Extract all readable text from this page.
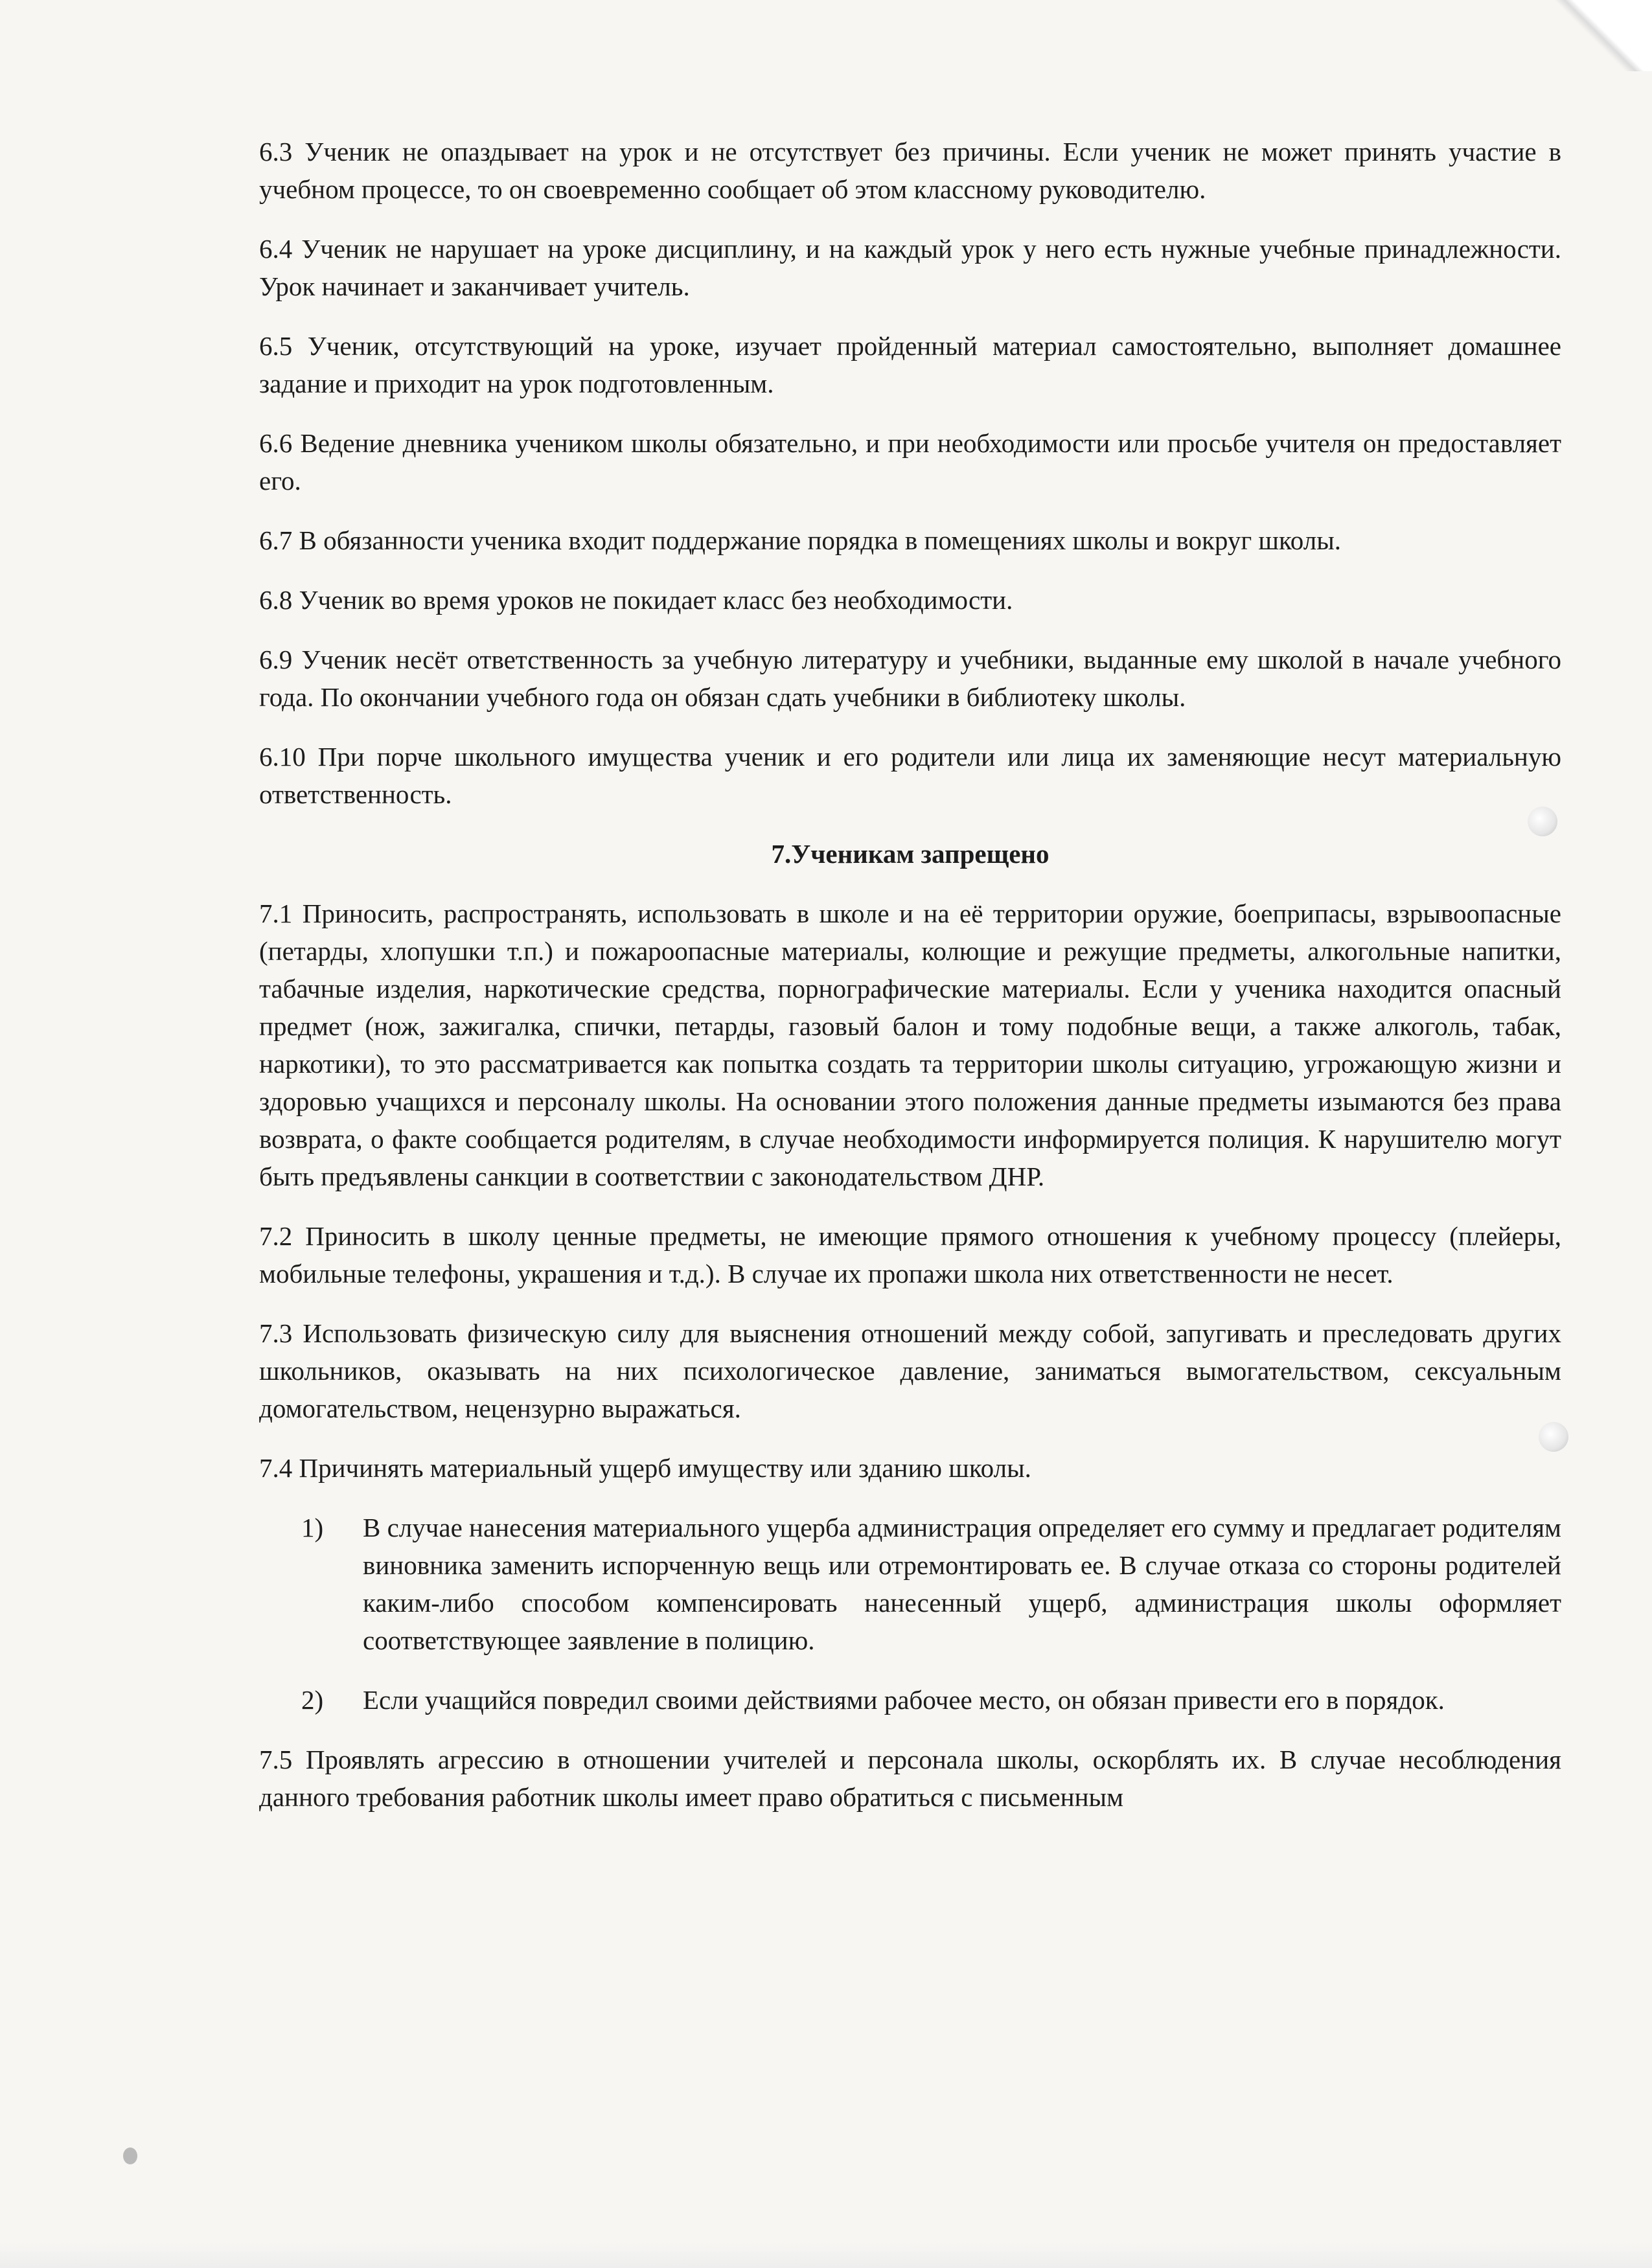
6.3 Ученик не опаздывает на урок и не отсутствует без причины. Если ученик не может принять участие в учебном процессе, то он своевременно сообщает об этом классному руководителю.

6.4 Ученик не нарушает на уроке дисциплину, и на каждый урок у него есть нужные учебные принадлежности. Урок начинает и заканчивает учитель.

6.5 Ученик, отсутствующий на уроке, изучает пройденный материал самостоятельно, выполняет домашнее задание и приходит на урок подготовленным.

6.6 Ведение дневника учеником школы обязательно, и при необходимости или просьбе учителя он предоставляет его.

6.7 В обязанности ученика входит поддержание порядка в помещениях школы и вокруг школы.

6.8 Ученик во время уроков не покидает класс без необходимости.

6.9 Ученик несёт ответственность за учебную литературу и учебники, выданные ему школой в начале учебного года. По окончании учебного года он обязан сдать учебники в библиотеку школы.

6.10 При порче школьного имущества ученик и его родители или лица их заменяющие несут материальную ответственность.

7.Ученикам запрещено

7.1 Приносить, распространять, использовать в школе и на её территории оружие, боеприпасы, взрывоопасные (петарды, хлопушки т.п.) и пожароопасные материалы, колющие и режущие предметы, алкогольные напитки, табачные изделия, наркотические средства, порнографические материалы. Если у ученика находится опасный предмет (нож, зажигалка, спички, петарды, газовый балон и тому подобные вещи, а также алкоголь, табак, наркотики), то это рассматривается как попытка создать та территории школы ситуацию, угрожающую жизни и здоровью учащихся и персоналу школы. На основании этого положения данные предметы изымаются без права возврата, о факте сообщается родителям, в случае необходимости информируется полиция. К нарушителю могут быть предъявлены санкции в соответствии с законодательством ДНР.

7.2 Приносить в школу ценные предметы, не имеющие прямого отношения к учебному процессу (плейеры, мобильные телефоны, украшения и т.д.). В случае их пропажи школа них ответственности не несет.

7.3 Использовать физическую силу для выяснения отношений между собой, запугивать и преследовать других школьников, оказывать на них психологическое давление, заниматься вымогательством, сексуальным домогательством, нецензурно выражаться.

7.4 Причинять материальный ущерб имуществу или зданию школы.

1) В случае нанесения материального ущерба администрация определяет его сумму и предлагает родителям виновника заменить испорченную вещь или отремонтировать ее. В случае отказа со стороны родителей каким-либо способом компенсировать нанесенный ущерб, администрация школы оформляет соответствующее заявление в полицию.
2) Если учащийся повредил своими действиями рабочее место, он обязан привести его в порядок.

7.5 Проявлять агрессию в отношении учителей и персонала школы, оскорблять их. В случае несоблюдения данного требования работник школы имеет право обратиться с письменным
